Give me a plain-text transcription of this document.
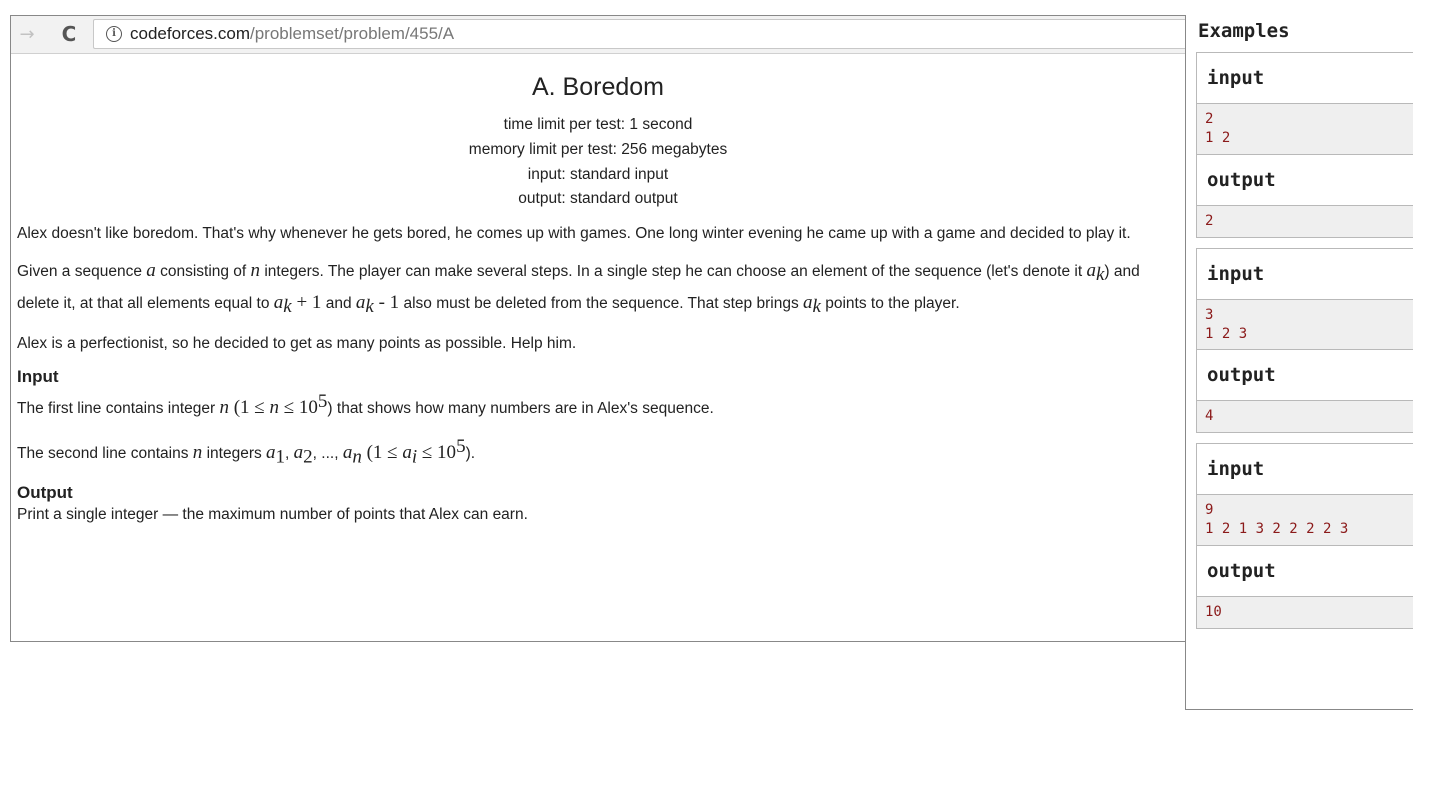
→ C	i codeforces.com /problemset/problem/455/A
A. Boredom
time limit per test: 1 second
memory limit per test: 256 megabytes
input: standard input
output: standard output

Alex doesn't like boredom. That's why whenever he gets bored, he comes up with games. One long winter evening he came up with a game and decided to play it.

Given a sequence a consisting of n integers. The player can make several steps. In a single step he can choose an element of the sequence (let's denote it $a_k$) and delete it, at that all elements equal to $a_k + 1$ and $a_k - 1$ also must be deleted from the sequence. That step brings $a_k$ points to the player.

Alex is a perfectionist, so he decided to get as many points as possible. Help him.

Input

The first line contains integer n $(1 \le n \le 10^5)$ that shows how many numbers are in Alex's sequence.

The second line contains n integers $a_1$, $a_2$, ..., $a_n$ $(1 \le a_i \le 10^5)$.

Output

Print a single integer — the maximum number of points that Alex can earn.

Examples
input
2
1 2
output
2
input
3
1 2 3
output
4
input
9
1 2 1 3 2 2 2 2 3
output
10
